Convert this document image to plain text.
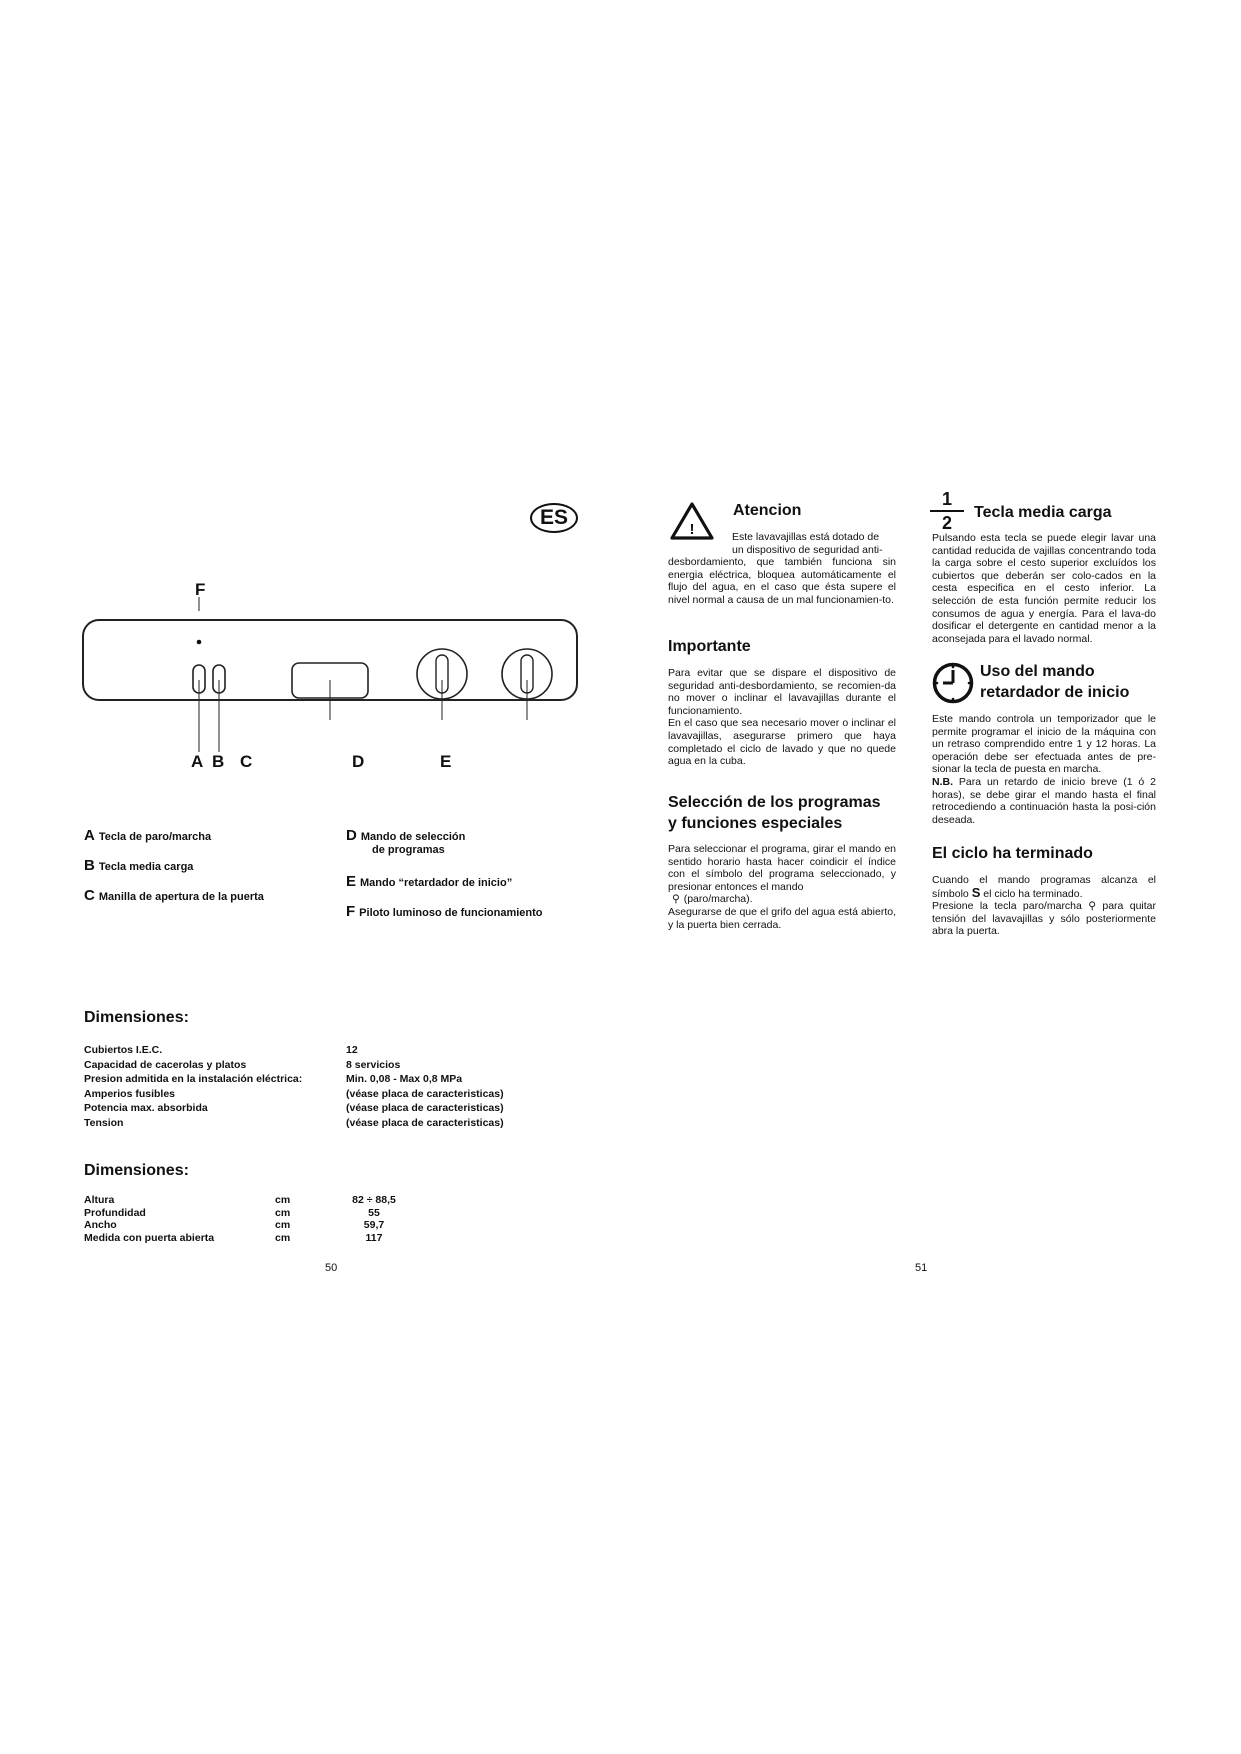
ES
F
A B C	D	E
A Tecla de paro/marcha
B Tecla media carga
C Manilla de apertura de la puerta
D Mando de selección
de programas
E Mando “retardador de inicio”
F Piloto luminoso de funcionamiento
Dimensiones:
Cubiertos I.E.C.	12
Capacidad de cacerolas y platos	8 servicios
Presion admitida en la instalación eléctrica:	Min. 0,08 - Max 0,8 MPa
Amperios fusibles	(véase placa de caracteristicas)
Potencia max. absorbida	(véase placa de caracteristicas)
Tension	(véase placa de caracteristicas)
Dimensiones:
Altura	cm	82 ÷ 88,5
Profundidad	cm	55
Ancho	cm	59,7
Medida con puerta abierta	cm	117
50	51
!
Atencion
Este lavavajillas está dotado de
un dispositivo de seguridad anti-
desbordamiento, que también funciona sin energia eléctrica, bloquea automáticamente el flujo del agua, en el caso que ésta supere el nivel normal a causa de un mal funcionamien-to.
Importante
Para evitar que se dispare el dispositivo de seguridad anti-desbordamiento, se recomien-da no mover o inclinar el lavavajillas durante el funcionamiento.
En el caso que sea necesario mover o inclinar el lavavajillas, asegurarse primero que haya completado el ciclo de lavado y que no quede agua en la cuba.
Selección de los programas
y funciones especiales
Para seleccionar el programa, girar el mando en sentido horario hasta hacer coindicir el índice con el símbolo del programa seleccionado, y presionar entonces el mando
⚲ (paro/marcha).
Asegurarse de que el grifo del agua está abierto, y la puerta bien cerrada.
1
2
Tecla media carga
Pulsando esta tecla se puede elegir lavar una cantidad reducida de vajillas concentrando toda la carga sobre el cesto superior excluídos los cubiertos que deberán ser colo-cados en la cesta especifica en el cesto inferior. La selección de esta función permite reducir los consumos de agua y energía. Para el lava-do dosificar el detergente en cantidad menor a la aconsejada para el lavado normal.
Uso del mando
retardador de inicio
Este mando controla un temporizador que le permite programar el inicio de la máquina con un retraso comprendido entre 1 y 12 horas. La operación debe ser efectuada antes de pre-sionar la tecla de puesta en marcha.
N.B. Para un retardo de inicio breve (1 ó 2 horas), se debe girar el mando hasta el final retrocediendo a continuación hasta la posi-ción deseada.
El ciclo ha terminado
Cuando el mando programas alcanza el símbolo S el ciclo ha terminado.
Presione la tecla paro/marcha ⚲ para quitar tensión del lavavajillas y sólo posteriormente abra la puerta.
